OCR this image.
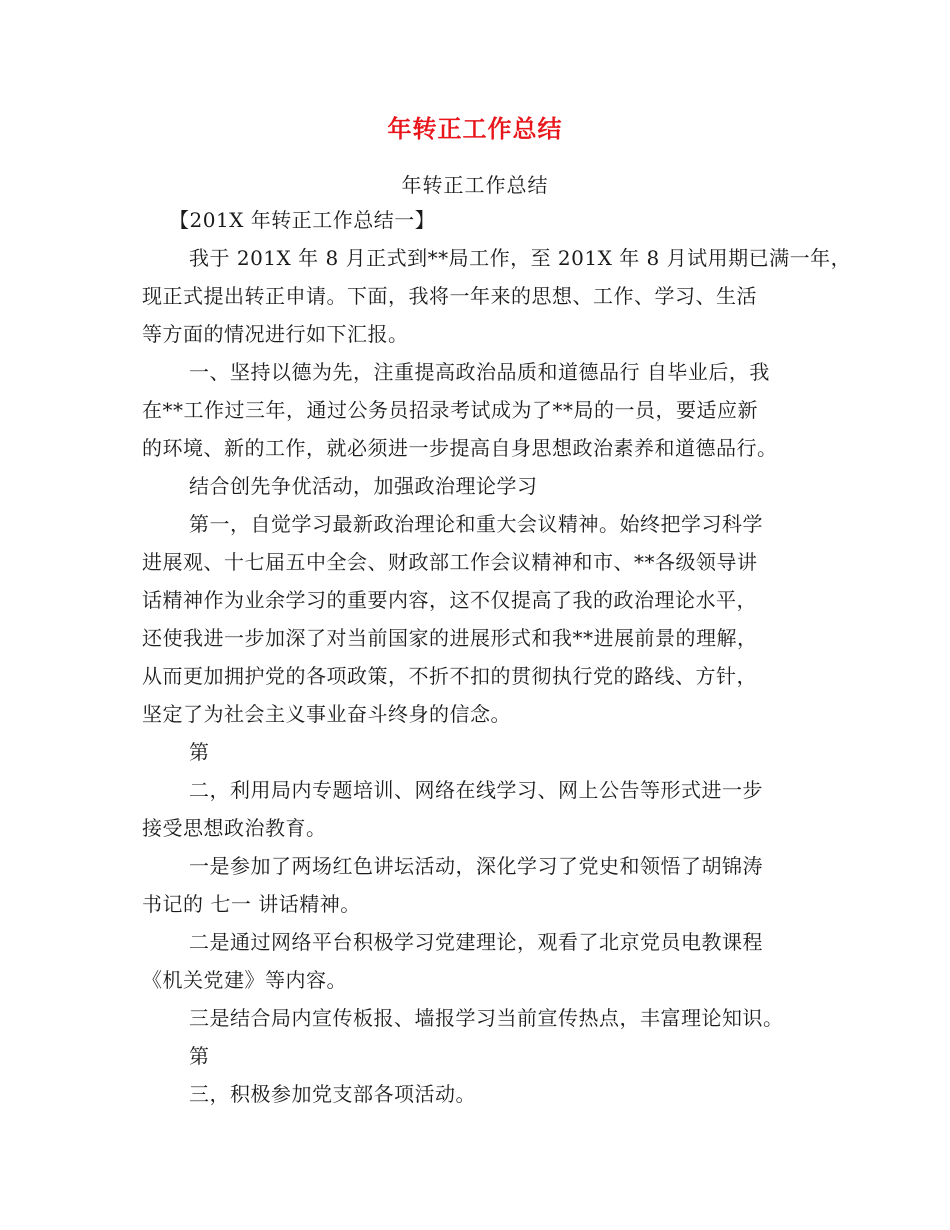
年转正工作总结
年转正工作总结
【201X 年转正工作总结一】
我于 201X 年 8 月正式到**局工作，至 201X 年 8 月试用期已满一年，
现正式提出转正申请。下面，我将一年来的思想、工作、学习、生活
等方面的情况进行如下汇报。
一、坚持以德为先，注重提高政治品质和道德品行 自毕业后，我
在**工作过三年，通过公务员招录考试成为了**局的一员，要适应新
的环境、新的工作，就必须进一步提高自身思想政治素养和道德品行。
结合创先争优活动，加强政治理论学习
第一，自觉学习最新政治理论和重大会议精神。始终把学习科学
进展观、十七届五中全会、财政部工作会议精神和市、**各级领导讲
话精神作为业余学习的重要内容，这不仅提高了我的政治理论水平，
还使我进一步加深了对当前国家的进展形式和我**进展前景的理解，
从而更加拥护党的各项政策，不折不扣的贯彻执行党的路线、方针，
坚定了为社会主义事业奋斗终身的信念。
第
二，利用局内专题培训、网络在线学习、网上公告等形式进一步
接受思想政治教育。
一是参加了两场红色讲坛活动，深化学习了党史和领悟了胡锦涛
书记的 七一 讲话精神。
二是通过网络平台积极学习党建理论，观看了北京党员电教课程
《机关党建》等内容。
三是结合局内宣传板报、墙报学习当前宣传热点，丰富理论知识。
第
三，积极参加党支部各项活动。
